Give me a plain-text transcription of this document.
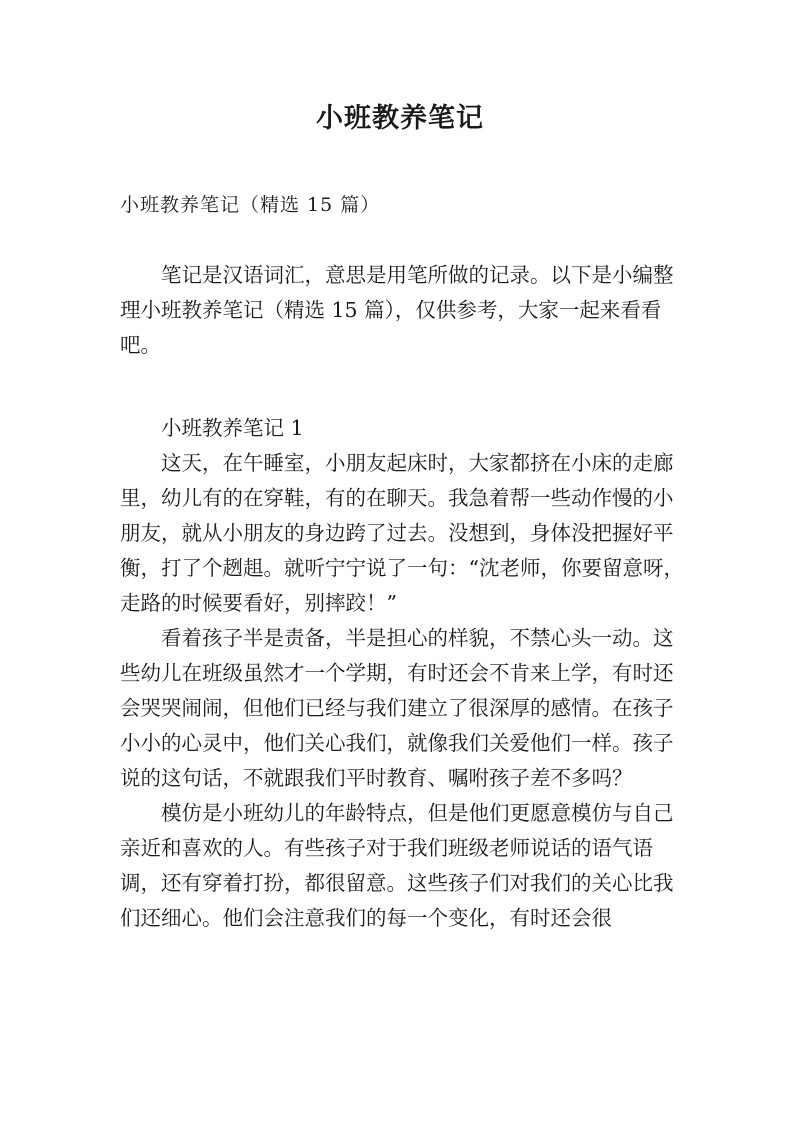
小班教养笔记
小班教养笔记（精选 15 篇）

笔记是汉语词汇，意思是用笔所做的记录。以下是小编整理小班教养笔记（精选 15 篇），仅供参考，大家一起来看看吧。

小班教养笔记 1

这天，在午睡室，小朋友起床时，大家都挤在小床的走廊里，幼儿有的在穿鞋，有的在聊天。我急着帮一些动作慢的小朋友，就从小朋友的身边跨了过去。没想到，身体没把握好平衡，打了个趔趄。就听宁宁说了一句：“沈老师，你要留意呀，走路的时候要看好，别摔跤！”

看着孩子半是责备，半是担心的样貌，不禁心头一动。这些幼儿在班级虽然才一个学期，有时还会不肯来上学，有时还会哭哭闹闹，但他们已经与我们建立了很深厚的感情。在孩子小小的心灵中，他们关心我们，就像我们关爱他们一样。孩子说的这句话，不就跟我们平时教育、嘱咐孩子差不多吗？

模仿是小班幼儿的年龄特点，但是他们更愿意模仿与自己亲近和喜欢的人。有些孩子对于我们班级老师说话的语气语调，还有穿着打扮，都很留意。这些孩子们对我们的关心比我们还细心。他们会注意我们的每一个变化，有时还会很
